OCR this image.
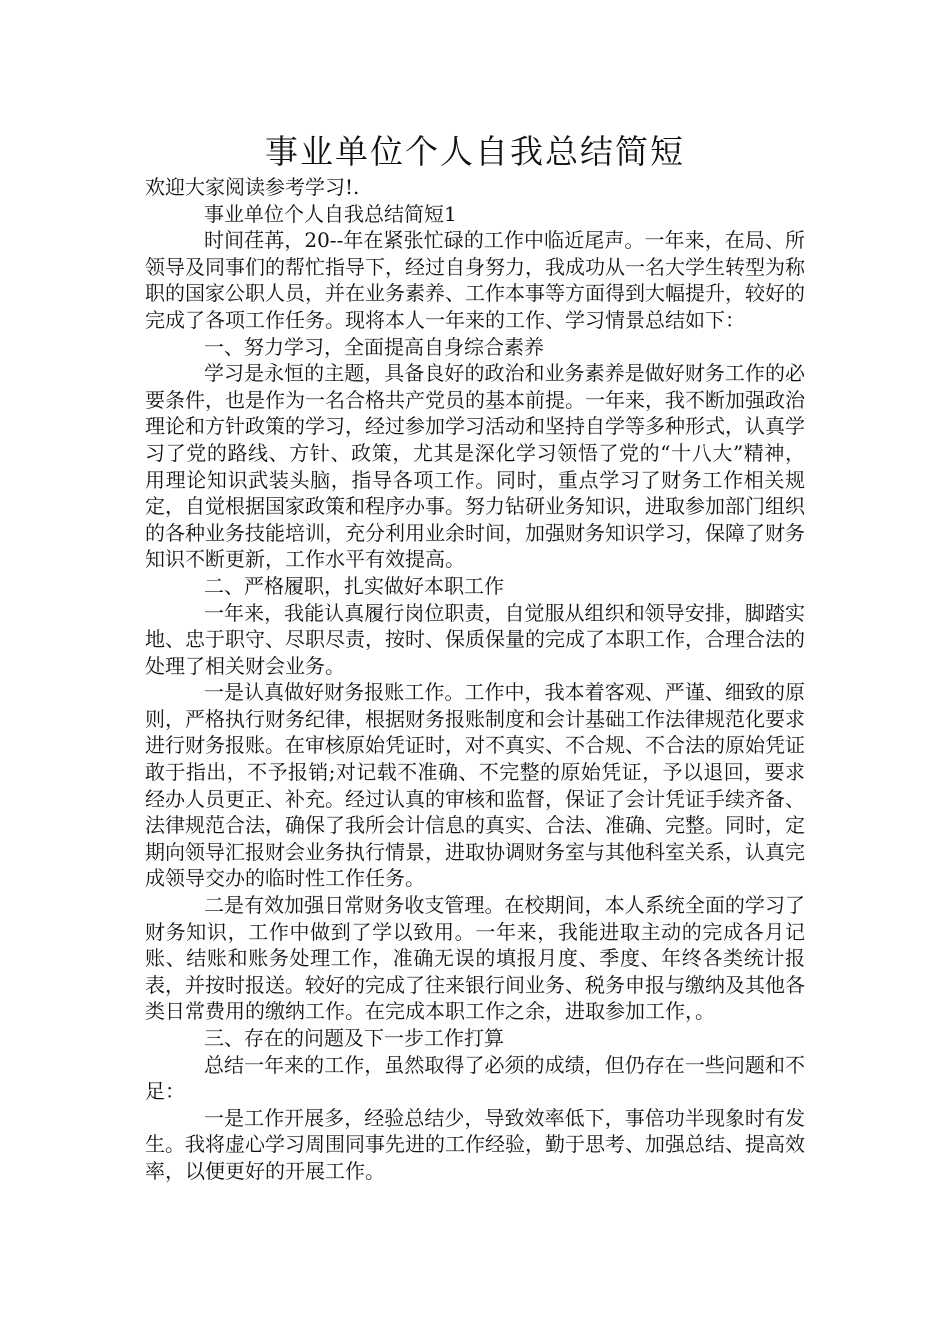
事业单位个人自我总结简短

欢迎大家阅读参考学习!.

事业单位个人自我总结简短1

时间荏苒，20--年在紧张忙碌的工作中临近尾声。一年来，在局、所领导及同事们的帮忙指导下，经过自身努力，我成功从一名大学生转型为称职的国家公职人员，并在业务素养、工作本事等方面得到大幅提升，较好的完成了各项工作任务。现将本人一年来的工作、学习情景总结如下：

一、努力学习，全面提高自身综合素养

学习是永恒的主题，具备良好的政治和业务素养是做好财务工作的必要条件，也是作为一名合格共产党员的基本前提。一年来，我不断加强政治理论和方针政策的学习，经过参加学习活动和坚持自学等多种形式，认真学习了党的路线、方针、政策，尤其是深化学习领悟了党的“十八大”精神，用理论知识武装头脑，指导各项工作。同时，重点学习了财务工作相关规定，自觉根据国家政策和程序办事。努力钻研业务知识，进取参加部门组织的各种业务技能培训，充分利用业余时间，加强财务知识学习，保障了财务知识不断更新，工作水平有效提高。

二、严格履职，扎实做好本职工作

一年来，我能认真履行岗位职责，自觉服从组织和领导安排，脚踏实地、忠于职守、尽职尽责，按时、保质保量的完成了本职工作，合理合法的处理了相关财会业务。

一是认真做好财务报账工作。工作中，我本着客观、严谨、细致的原则，严格执行财务纪律，根据财务报账制度和会计基础工作法律规范化要求进行财务报账。在审核原始凭证时，对不真实、不合规、不合法的原始凭证敢于指出，不予报销;对记载不准确、不完整的原始凭证，予以退回，要求经办人员更正、补充。经过认真的审核和监督，保证了会计凭证手续齐备、法律规范合法，确保了我所会计信息的真实、合法、准确、完整。同时，定期向领导汇报财会业务执行情景，进取协调财务室与其他科室关系，认真完成领导交办的临时性工作任务。

二是有效加强日常财务收支管理。在校期间，本人系统全面的学习了财务知识，工作中做到了学以致用。一年来，我能进取主动的完成各月记账、结账和账务处理工作，准确无误的填报月度、季度、年终各类统计报表，并按时报送。较好的完成了往来银行间业务、税务申报与缴纳及其他各类日常费用的缴纳工作。在完成本职工作之余，进取参加工作，。

三、存在的问题及下一步工作打算

总结一年来的工作，虽然取得了必须的成绩，但仍存在一些问题和不足：

一是工作开展多，经验总结少，导致效率低下，事倍功半现象时有发生。我将虚心学习周围同事先进的工作经验，勤于思考、加强总结、提高效率，以便更好的开展工作。
